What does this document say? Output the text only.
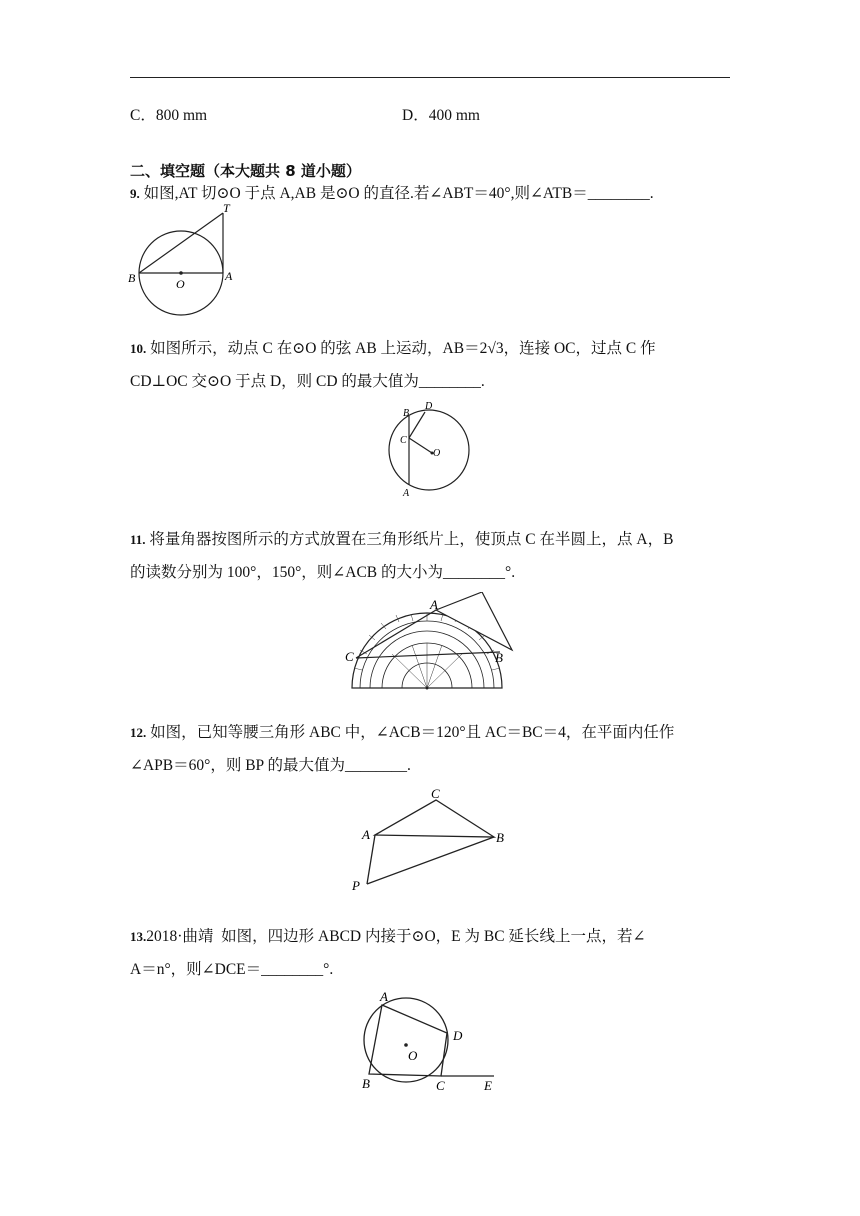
C．800 mm	D．400 mm
二、填空题（本大题共 8 道小题）
9. 如图,AT 切⊙O 于点 A,AB 是⊙O 的直径.若∠ABT＝40°,则∠ATB＝________.
T
B	O
A
10. 如图所示，动点 C 在⊙O 的弦 AB 上运动，AB＝2√3，连接 OC，过点 C 作
CD⊥OC 交⊙O 于点 D，则 CD 的最大值为________.
B
D
C
O
A
11. 将量角器按图所示的方式放置在三角形纸片上，使顶点 C 在半圆上，点 A，B
的读数分别为 100°，150°，则∠ACB 的大小为________°.
A
C	B
12. 如图，已知等腰三角形 ABC 中，∠ACB＝120°且 AC＝BC＝4，在平面内任作
∠APB＝60°，则 BP 的最大值为________.
C
A	B
P
13.2018·曲靖 如图，四边形 ABCD 内接于⊙O，E 为 BC 延长线上一点，若∠
A＝n°，则∠DCE＝________°.
A
D
O
B	C	E
